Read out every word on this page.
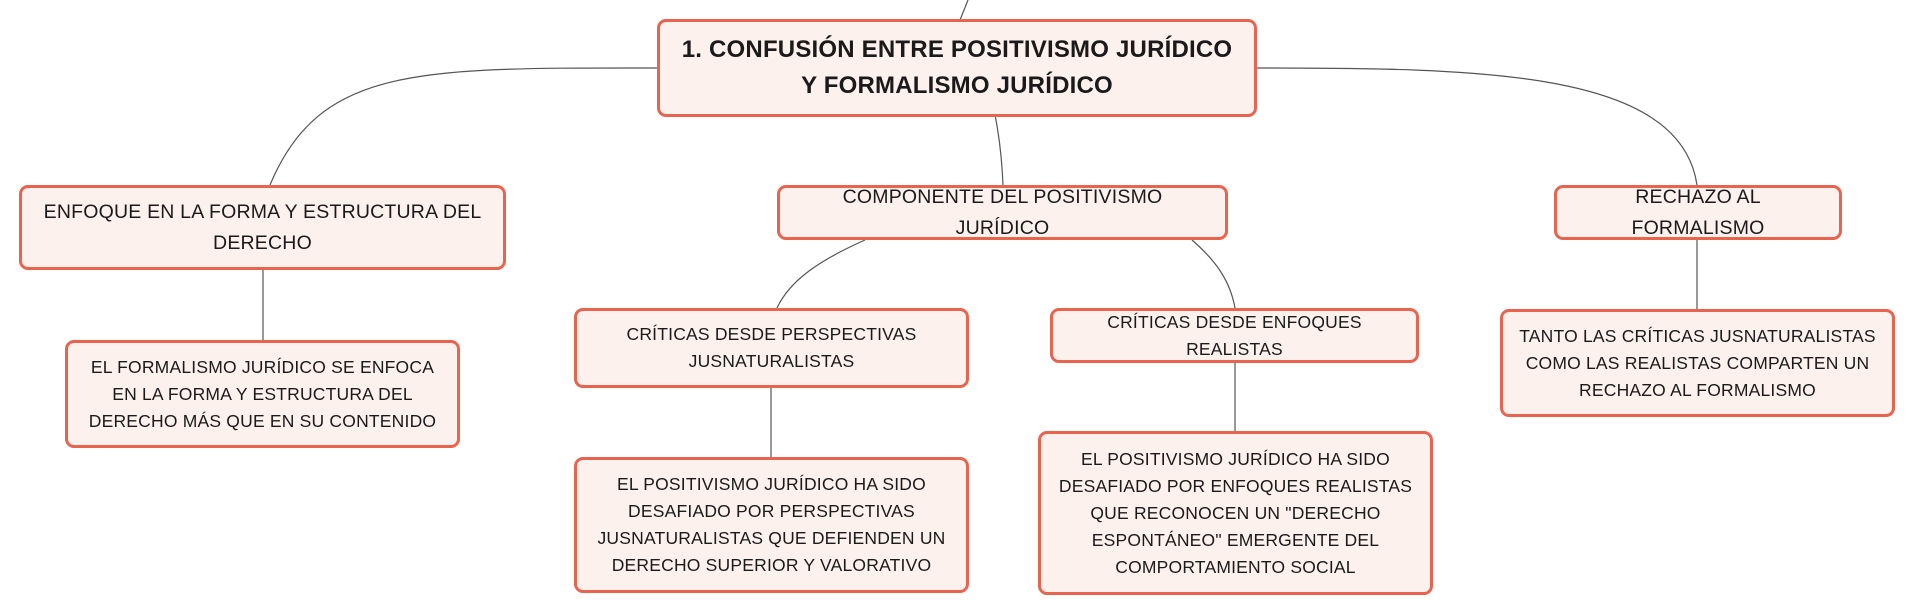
1. CONFUSIÓN ENTRE POSITIVISMO JURÍDICO Y FORMALISMO JURÍDICO
ENFOQUE EN LA FORMA Y ESTRUCTURA DEL DERECHO
COMPONENTE DEL POSITIVISMO JURÍDICO
RECHAZO AL FORMALISMO
EL FORMALISMO JURÍDICO SE ENFOCA EN LA FORMA Y ESTRUCTURA DEL DERECHO MÁS QUE EN SU CONTENIDO
CRÍTICAS DESDE PERSPECTIVAS JUSNATURALISTAS
CRÍTICAS DESDE ENFOQUES REALISTAS
TANTO LAS CRÍTICAS JUSNATURALISTAS COMO LAS REALISTAS COMPARTEN UN RECHAZO AL FORMALISMO
EL POSITIVISMO JURÍDICO HA SIDO DESAFIADO POR PERSPECTIVAS JUSNATURALISTAS QUE DEFIENDEN UN DERECHO SUPERIOR Y VALORATIVO
EL POSITIVISMO JURÍDICO HA SIDO DESAFIADO POR ENFOQUES REALISTAS QUE RECONOCEN UN "DERECHO ESPONTÁNEO" EMERGENTE DEL COMPORTAMIENTO SOCIAL
